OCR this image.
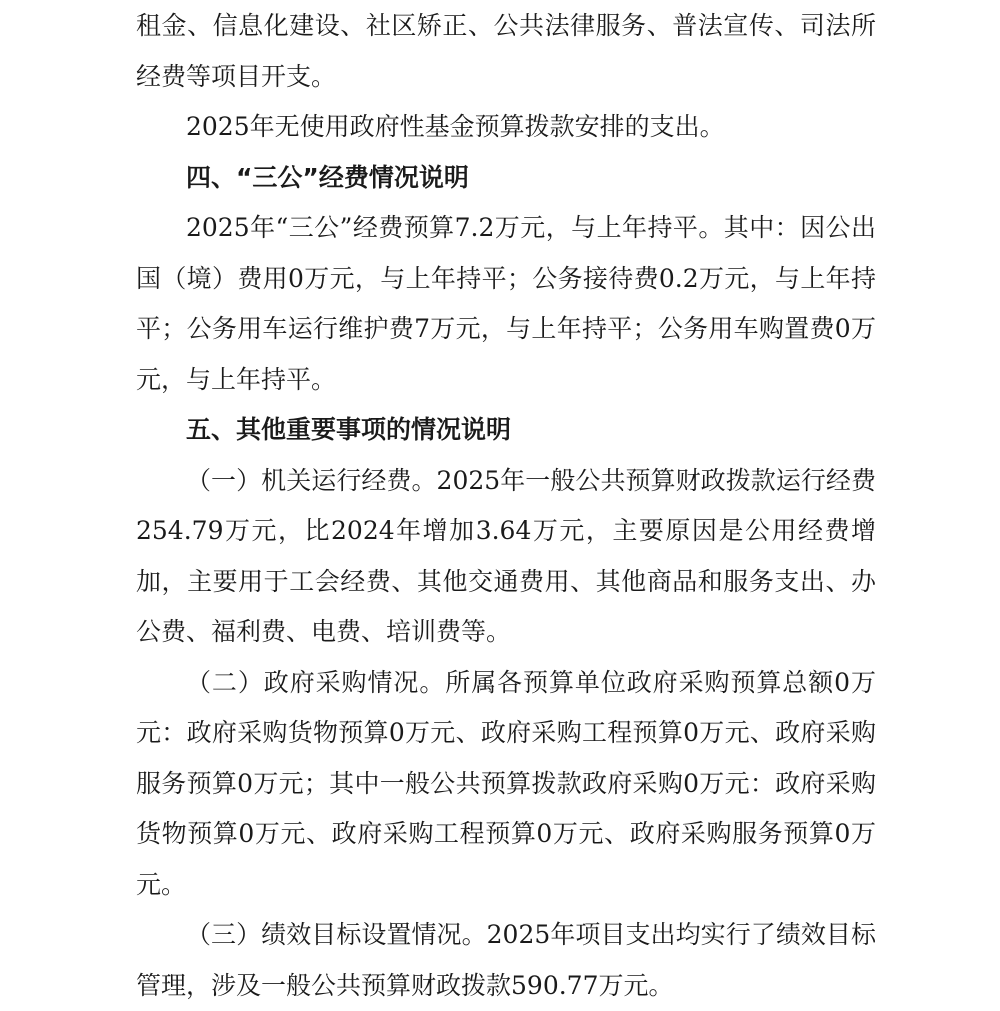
租金、信息化建设、社区矫正、公共法律服务、普法宣传、司法所经费等项目开支。

2025年无使用政府性基金预算拨款安排的支出。

四、“三公”经费情况说明

2025年“三公”经费预算7.2万元，与上年持平。其中：因公出国（境）费用0万元，与上年持平；公务接待费0.2万元，与上年持平；公务用车运行维护费7万元，与上年持平；公务用车购置费0万元，与上年持平。

五、其他重要事项的情况说明

（一）机关运行经费。2025年一般公共预算财政拨款运行经费254.79万元，比2024年增加3.64万元，主要原因是公用经费增加，主要用于工会经费、其他交通费用、其他商品和服务支出、办公费、福利费、电费、培训费等。

（二）政府采购情况。所属各预算单位政府采购预算总额0万元：政府采购货物预算0万元、政府采购工程预算0万元、政府采购服务预算0万元；其中一般公共预算拨款政府采购0万元：政府采购货物预算0万元、政府采购工程预算0万元、政府采购服务预算0万元。

（三）绩效目标设置情况。2025年项目支出均实行了绩效目标管理，涉及一般公共预算财政拨款590.77万元。
